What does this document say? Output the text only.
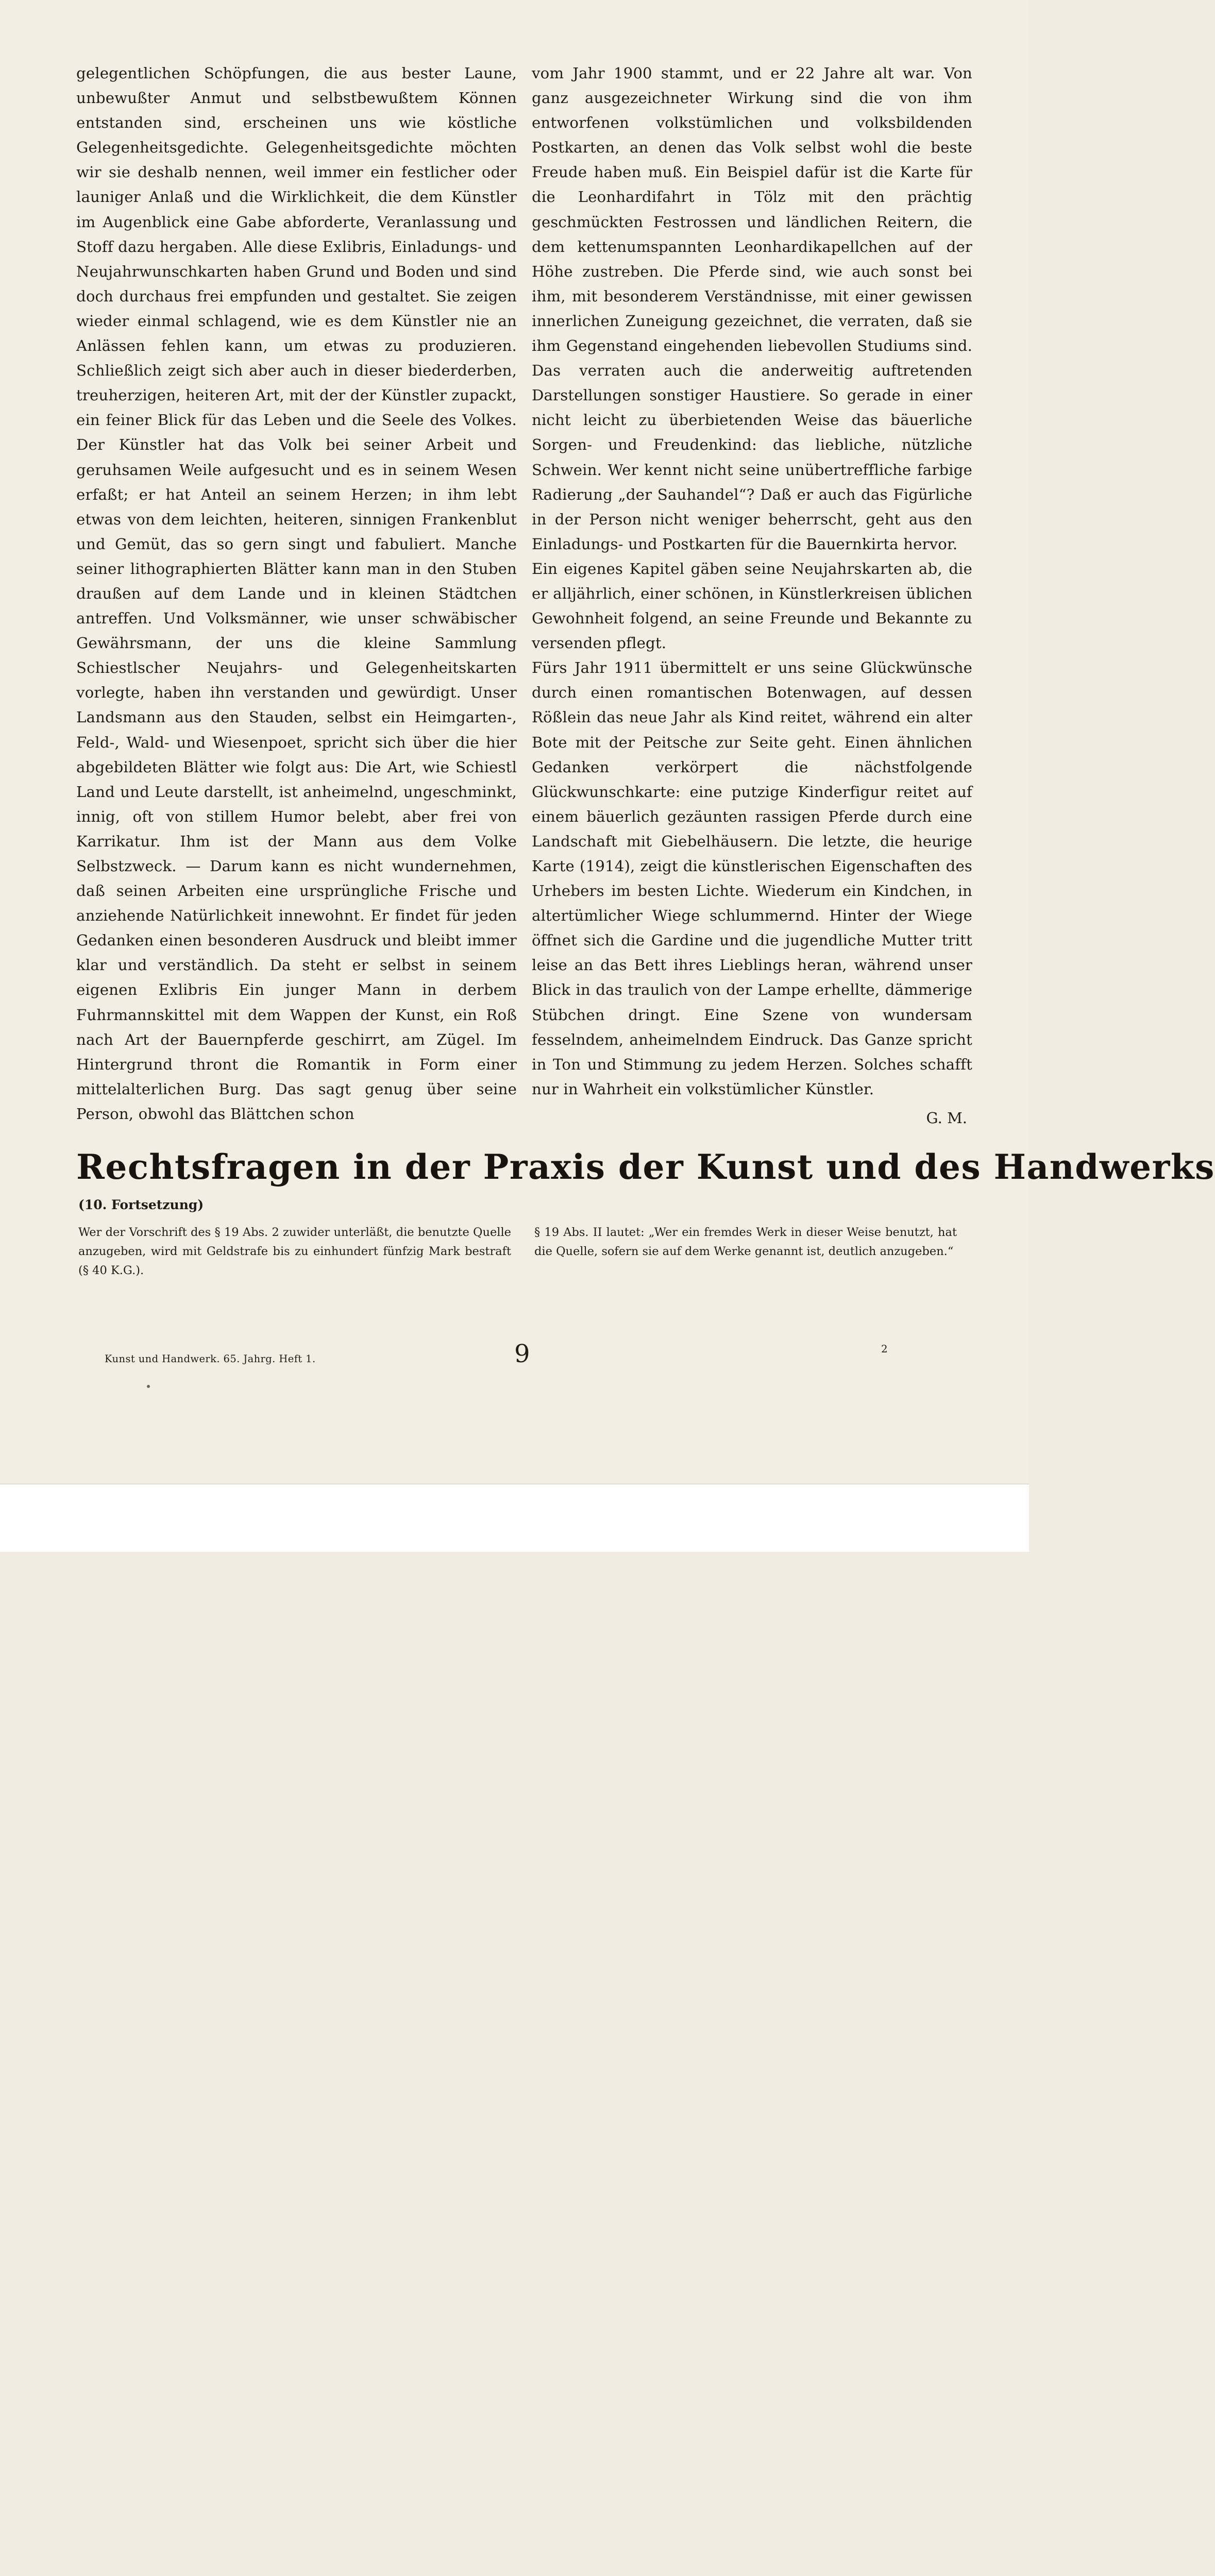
gelegentlichen Schöpfungen, die aus bester Laune, unbewußter Anmut und selbstbewußtem Können entstanden sind, erscheinen uns wie köstliche Gelegenheitsgedichte. Gelegenheitsgedichte möchten wir sie deshalb nennen, weil immer ein festlicher oder launiger Anlaß und die Wirklichkeit, die dem Künstler im Augenblick eine Gabe abforderte, Veranlassung und Stoff dazu hergaben. Alle diese Exlibris, Einladungs- und Neujahrwunschkarten haben Grund und Boden und sind doch durchaus frei empfunden und gestaltet. Sie zeigen wieder einmal schlagend, wie es dem Künstler nie an Anlässen fehlen kann, um etwas zu produzieren. Schließlich zeigt sich aber auch in dieser biederderben, treuherzigen, heiteren Art, mit der der Künstler zupackt, ein feiner Blick für das Leben und die Seele des Volkes. Der Künstler hat das Volk bei seiner Arbeit und geruhsamen Weile aufgesucht und es in seinem Wesen erfaßt; er hat Anteil an seinem Herzen; in ihm lebt etwas von dem leichten, heiteren, sinnigen Frankenblut und Gemüt, das so gern singt und fabuliert. Manche seiner lithographierten Blätter kann man in den Stuben draußen auf dem Lande und in kleinen Städtchen antreffen. Und Volksmänner, wie unser schwäbischer Gewährsmann, der uns die kleine Sammlung Schiestlscher Neujahrs- und Gelegenheitskarten vorlegte, haben ihn verstanden und gewürdigt. Unser Landsmann aus den Stauden, selbst ein Heimgarten-, Feld-, Wald- und Wiesenpoet, spricht sich über die hier abgebildeten Blätter wie folgt aus: Die Art, wie Schiestl Land und Leute darstellt, ist anheimelnd, ungeschminkt, innig, oft von stillem Humor belebt, aber frei von Karrikatur. Ihm ist der Mann aus dem Volke Selbstzweck. — Darum kann es nicht wundernehmen, daß seinen Arbeiten eine ursprüngliche Frische und anziehende Natürlichkeit innewohnt. Er findet für jeden Gedanken einen besonderen Ausdruck und bleibt immer klar und verständlich. Da steht er selbst in seinem eigenen Exlibris Ein junger Mann in derbem Fuhrmannskittel mit dem Wappen der Kunst, ein Roß nach Art der Bauernpferde geschirrt, am Zügel. Im Hintergrund thront die Romantik in Form einer mittelalterlichen Burg. Das sagt genug über seine Person, obwohl das Blättchen schon

vom Jahr 1900 stammt, und er 22 Jahre alt war. Von ganz ausgezeichneter Wirkung sind die von ihm entworfenen volkstümlichen und volksbildenden Postkarten, an denen das Volk selbst wohl die beste Freude haben muß. Ein Beispiel dafür ist die Karte für die Leonhardifahrt in Tölz mit den prächtig geschmückten Festrossen und ländlichen Reitern, die dem kettenumspannten Leonhardikapellchen auf der Höhe zustreben. Die Pferde sind, wie auch sonst bei ihm, mit besonderem Verständnisse, mit einer gewissen innerlichen Zuneigung gezeichnet, die verraten, daß sie ihm Gegenstand eingehenden liebevollen Studiums sind. Das verraten auch die anderweitig auftretenden Darstellungen sonstiger Haustiere. So gerade in einer nicht leicht zu überbietenden Weise das bäuerliche Sorgen- und Freudenkind: das liebliche, nützliche Schwein. Wer kennt nicht seine unübertreffliche farbige Radierung „der Sauhandel“? Daß er auch das Figürliche in der Person nicht weniger beherrscht, geht aus den Einladungs- und Postkarten für die Bauernkirta hervor.

Ein eigenes Kapitel gäben seine Neujahrskarten ab, die er alljährlich, einer schönen, in Künstlerkreisen üblichen Gewohnheit folgend, an seine Freunde und Bekannte zu versenden pflegt.

Fürs Jahr 1911 übermittelt er uns seine Glückwünsche durch einen romantischen Botenwagen, auf dessen Rößlein das neue Jahr als Kind reitet, während ein alter Bote mit der Peitsche zur Seite geht. Einen ähnlichen Gedanken verkörpert die nächstfolgende Glückwunschkarte: eine putzige Kinderfigur reitet auf einem bäuerlich gezäunten rassigen Pferde durch eine Landschaft mit Giebelhäusern. Die letzte, die heurige Karte (1914), zeigt die künstlerischen Eigenschaften des Urhebers im besten Lichte. Wiederum ein Kindchen, in altertümlicher Wiege schlummernd. Hinter der Wiege öffnet sich die Gardine und die jugendliche Mutter tritt leise an das Bett ihres Lieblings heran, während unser Blick in das traulich von der Lampe erhellte, dämmerige Stübchen dringt. Eine Szene von wundersam fesselndem, anheimelndem Eindruck. Das Ganze spricht in Ton und Stimmung zu jedem Herzen. Solches schafft nur in Wahrheit ein volkstümlicher Künstler.

G. M.
Rechtsfragen in der Praxis der Kunst und des Handwerks
(10. Fortsetzung)
Wer der Vorschrift des § 19 Abs. 2 zuwider unterläßt, die benutzte Quelle anzugeben, wird mit Geldstrafe bis zu einhundert fünfzig Mark bestraft (§ 40 K.G.).
§ 19 Abs. II lautet: „Wer ein fremdes Werk in dieser Weise benutzt, hat die Quelle, sofern sie auf dem Werke genannt ist, deutlich anzugeben.“
Kunst und Handwerk. 65. Jahrg. Heft 1.	9	2
